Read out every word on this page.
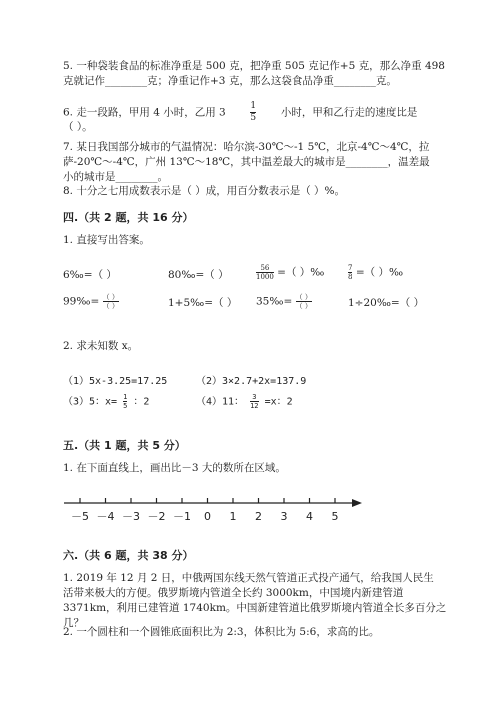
5. 一种袋装食品的标准净重是 500 克，把净重 505 克记作+5 克，那么净重 498
克就记作________克；净重记作+3 克，那么这袋食品净重________克。
6. 走一段路，甲用 4 小时，乙用 3	$\frac{1}{5}$ 小时，甲和乙行走的速度比是
（ ）。
7. 某日我国部分城市的气温情况：哈尔滨-30℃～-1 5℃，北京-4℃～4℃，拉
萨-20℃～-4℃，广州 13℃～18℃，其中温差最大的城市是________，温差最
小的城市是________。
8. 十分之七用成数表示是（ ）成，用百分数表示是（ ）%。
四.（共 2 题，共 16 分）
1. 直接写出答案。
6‰=（ ）	80‰=（ ）	$\frac{56}{1000}$ =（ ）‰	$\frac{7}{8}$ =（ ）‰
99‰= $\frac{( )}{( )}$	1+5‰=（ ） 35‰= $\frac{( )}{( )}$	1÷20‰=（ ）
2. 求未知数 x。
（1）5x-3.25=17.25	（2）3×2.7+2x=137.9
（3）5：$x= \frac{1}{5}$ ：2	（4）11： $\frac{3}{12} =x$：2
五.（共 1 题，共 5 分）
1. 在下面直线上，画出比－3 大的数所在区域。
－5 －4 －3 －2 －1 0 1 2 3 4 5
六.（共 6 题，共 38 分）
1. 2019 年 12 月 2 日，中俄两国东线天然气管道正式投产通气，给我国人民生
活带来极大的方便。俄罗斯境内管道全长约 3000km，中国境内新建管道
3371km，利用已建管道 1740km。中国新建管道比俄罗斯境内管道全长多百分之
几？
2. 一个圆柱和一个圆锥底面积比为 2:3，体积比为 5:6，求高的比。
